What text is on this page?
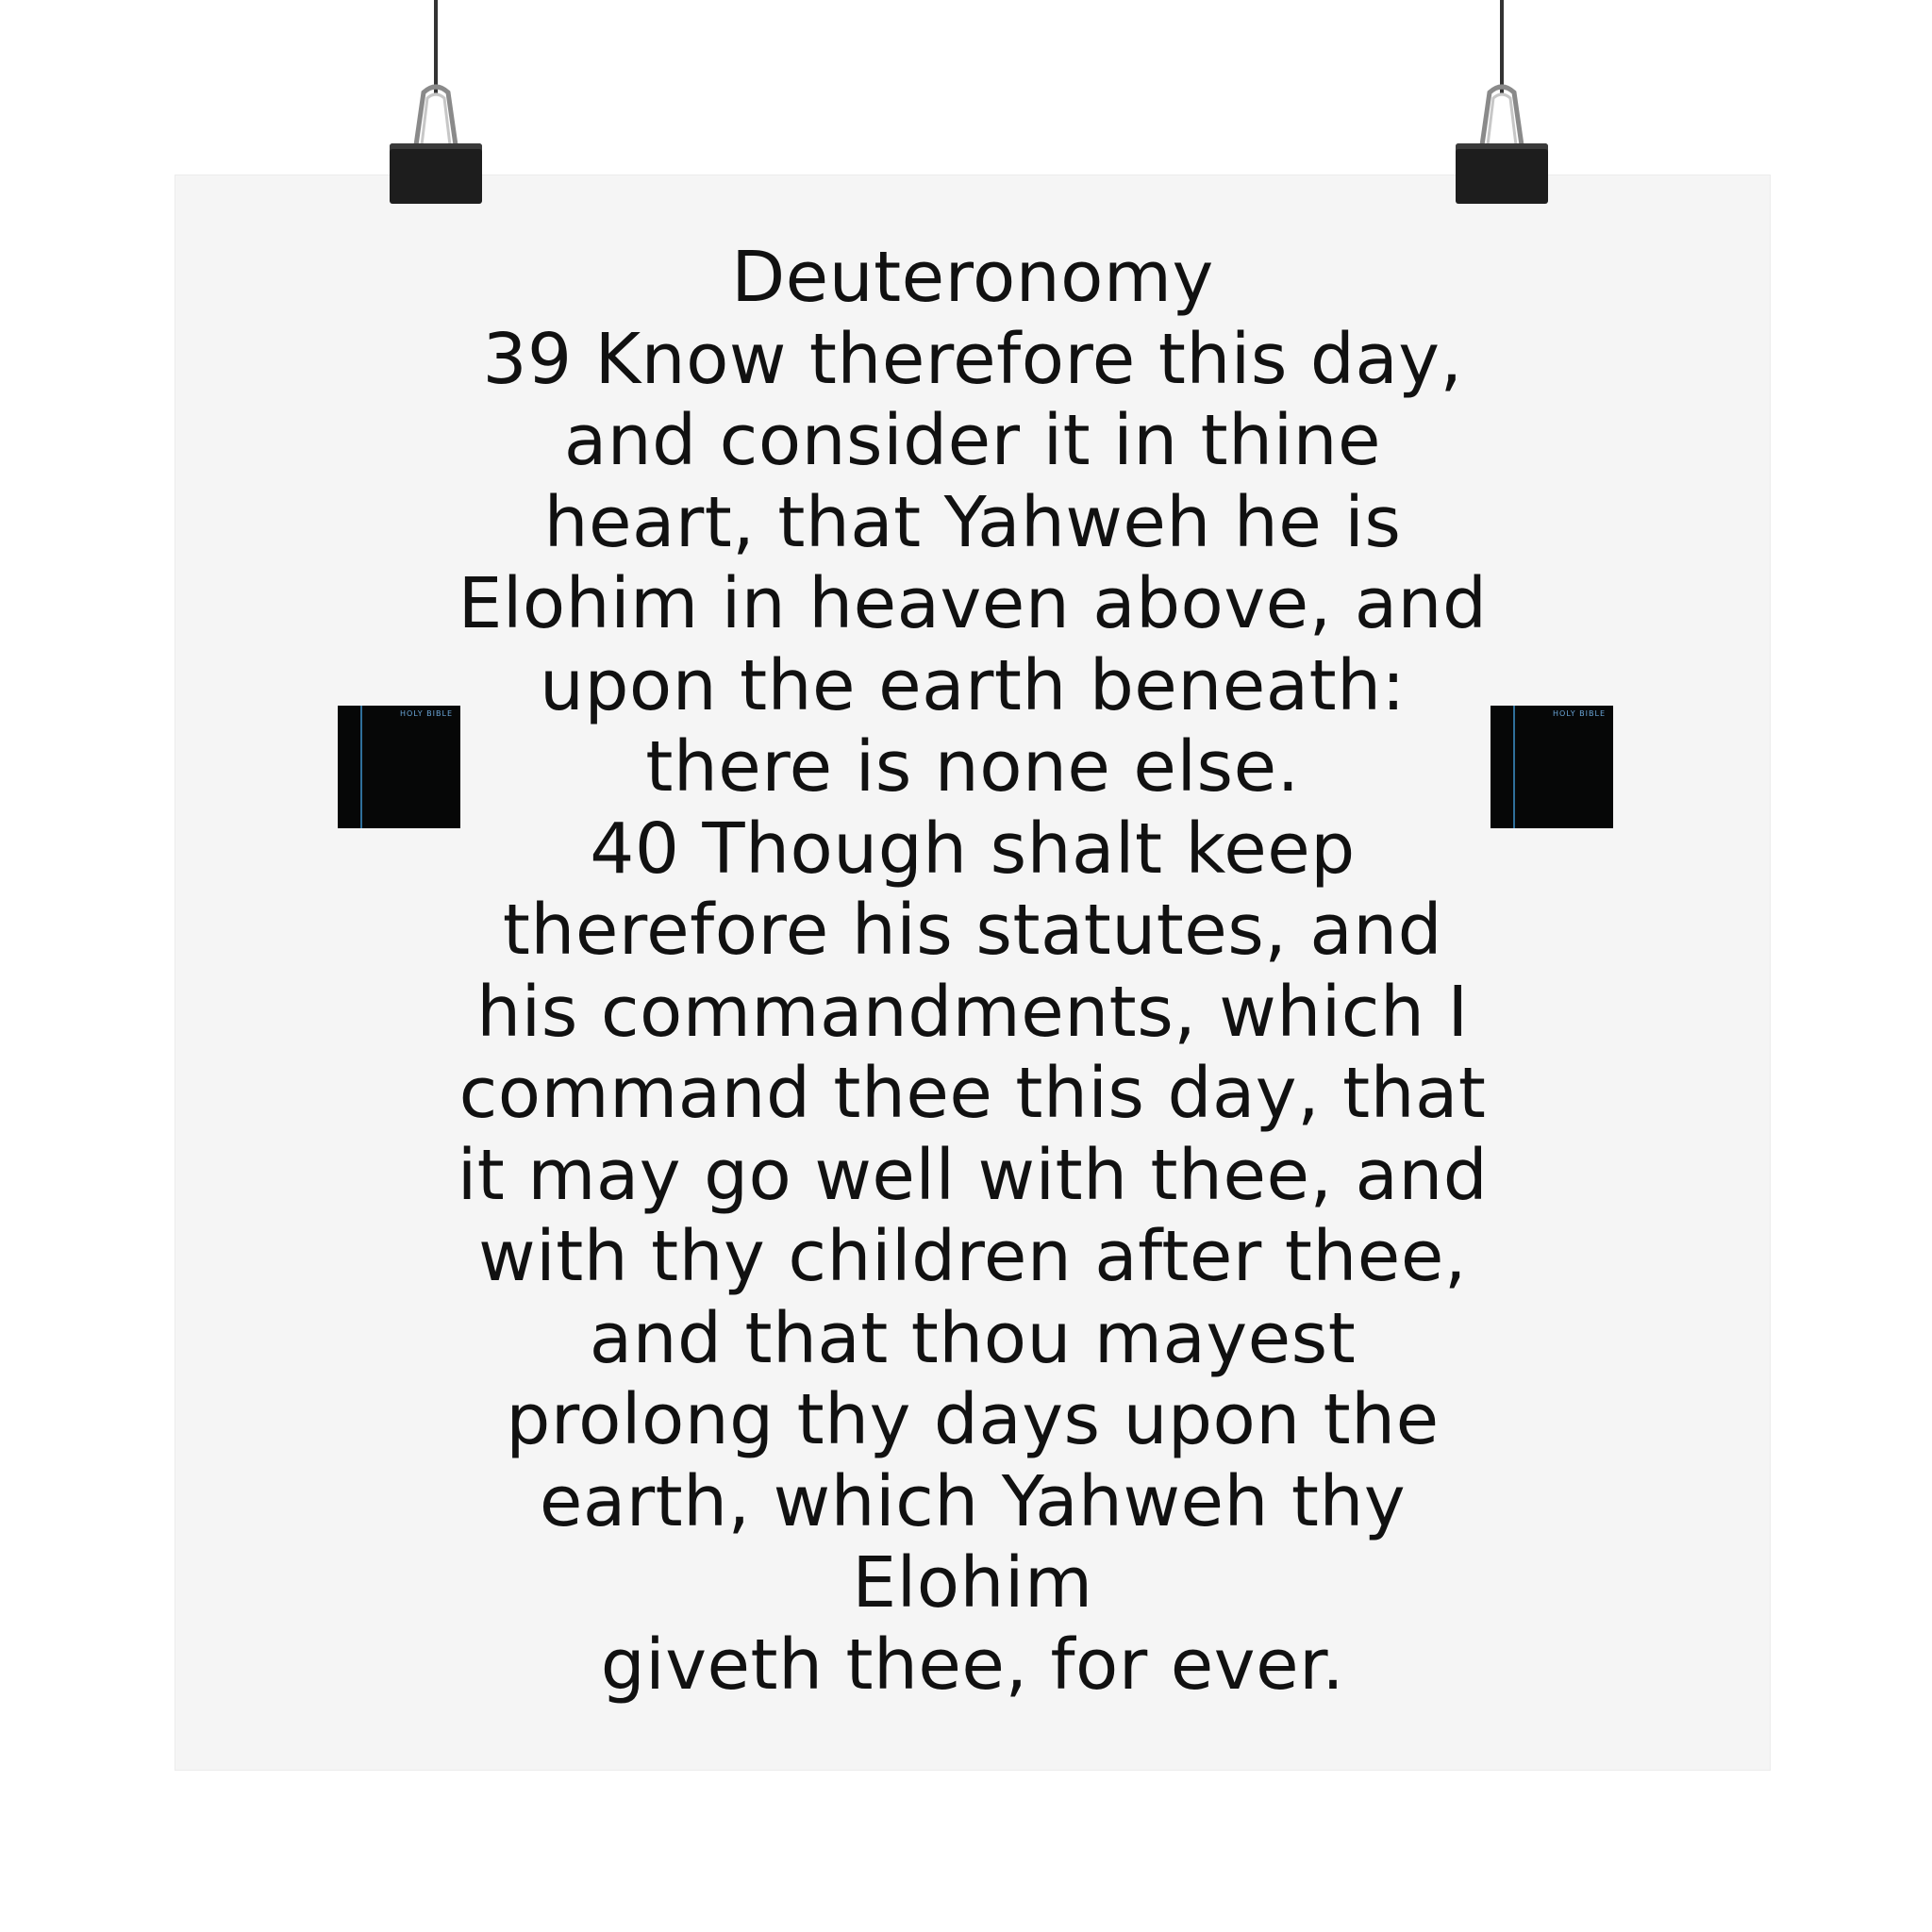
Deuteronomy
39 Know therefore this day,
and consider it in thine
heart, that Yahweh he is
Elohim in heaven above, and
upon the earth beneath:
there is none else.
40 Though shalt keep
therefore his statutes, and
his commandments, which I
command thee this day, that
it may go well with thee, and
with thy children after thee,
and that thou mayest
prolong thy days upon the
earth, which Yahweh thy
Elohim
giveth thee, for ever.
HOLY BIBLE	HOLY BIBLE
